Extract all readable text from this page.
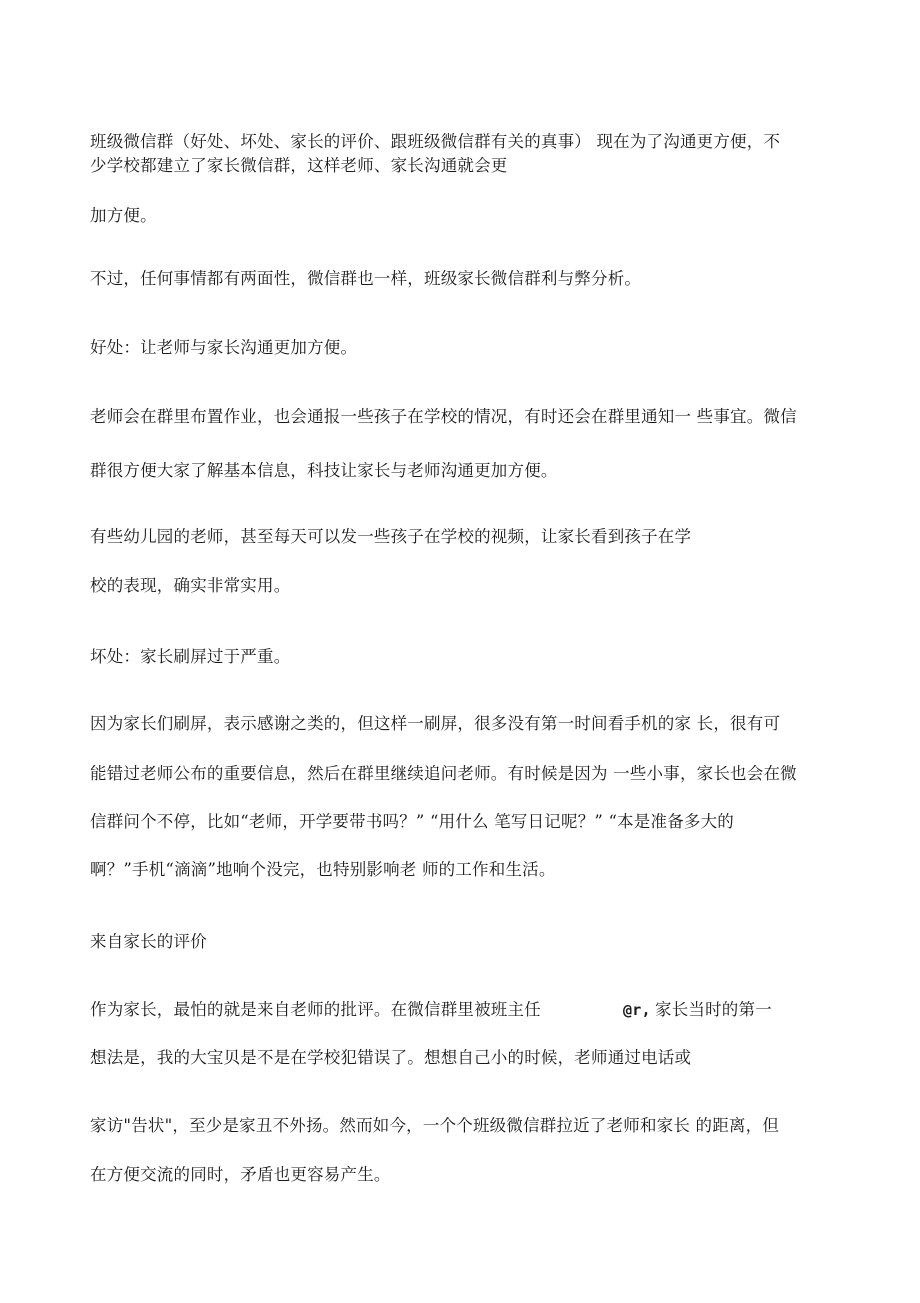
班级微信群（好处、坏处、家长的评价、跟班级微信群有关的真事） 现在为了沟通更方便，不
少学校都建立了家长微信群，这样老师、家长沟通就会更
加方便。
不过，任何事情都有两面性，微信群也一样，班级家长微信群利与弊分析。
好处：让老师与家长沟通更加方便。
老师会在群里布置作业，也会通报一些孩子在学校的情况，有时还会在群里通知一 些事宜。微信
群很方便大家了解基本信息，科技让家长与老师沟通更加方便。
有些幼儿园的老师，甚至每天可以发一些孩子在学校的视频，让家长看到孩子在学
校的表现，确实非常实用。
坏处：家长刷屏过于严重。
因为家长们刷屏，表示感谢之类的，但这样一刷屏，很多没有第一时间看手机的家 长，很有可
能错过老师公布的重要信息，然后在群里继续追问老师。有时候是因为 一些小事，家长也会在微
信群问个不停，比如“老师，开学要带书吗？” “用什么 笔写日记呢？” “本是准备多大的
啊？”手机“滴滴”地响个没完，也特别影响老 师的工作和生活。
来自家长的评价
作为家长，最怕的就是来自老师的批评。在微信群里被班主任	@r, 家长当时的第一
想法是，我的大宝贝是不是在学校犯错误了。想想自己小的时候，老师通过电话或
家访"告状"，至少是家丑不外扬。然而如今，一个个班级微信群拉近了老师和家长 的距离，但
在方便交流的同时，矛盾也更容易产生。
